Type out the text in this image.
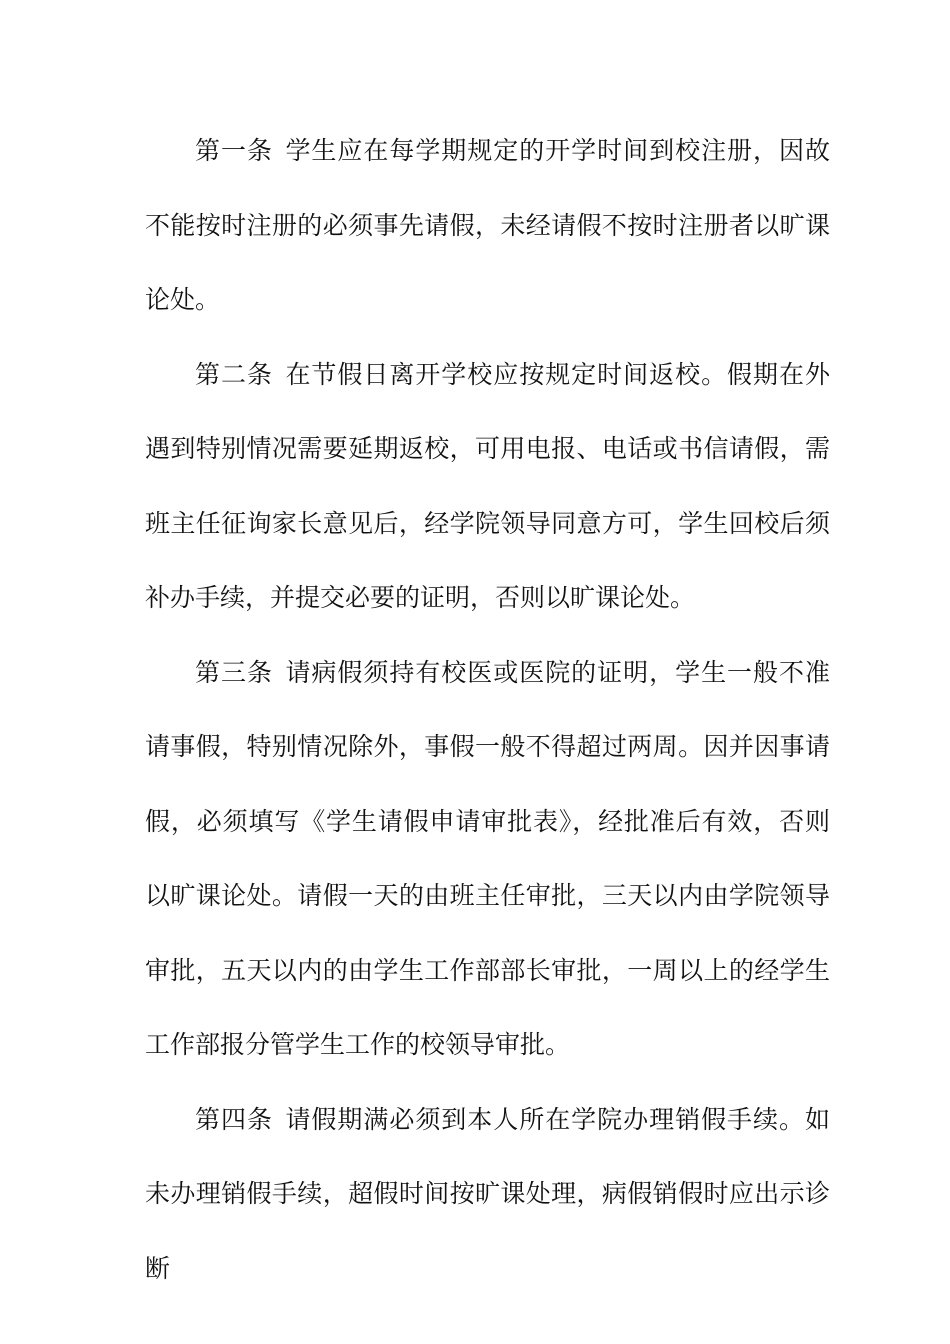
第一条 学生应在每学期规定的开学时间到校注册，因故不能按时注册的必须事先请假，未经请假不按时注册者以旷课论处。

第二条 在节假日离开学校应按规定时间返校。假期在外遇到特别情况需要延期返校，可用电报、电话或书信请假，需班主任征询家长意见后，经学院领导同意方可，学生回校后须补办手续，并提交必要的证明，否则以旷课论处。

第三条 请病假须持有校医或医院的证明，学生一般不准请事假，特别情况除外，事假一般不得超过两周。因并因事请假，必须填写《学生请假申请审批表》，经批准后有效，否则以旷课论处。请假一天的由班主任审批，三天以内由学院领导审批，五天以内的由学生工作部部长审批，一周以上的经学生工作部报分管学生工作的校领导审批。

第四条 请假期满必须到本人所在学院办理销假手续。如未办理销假手续，超假时间按旷课处理，病假销假时应出示诊断
